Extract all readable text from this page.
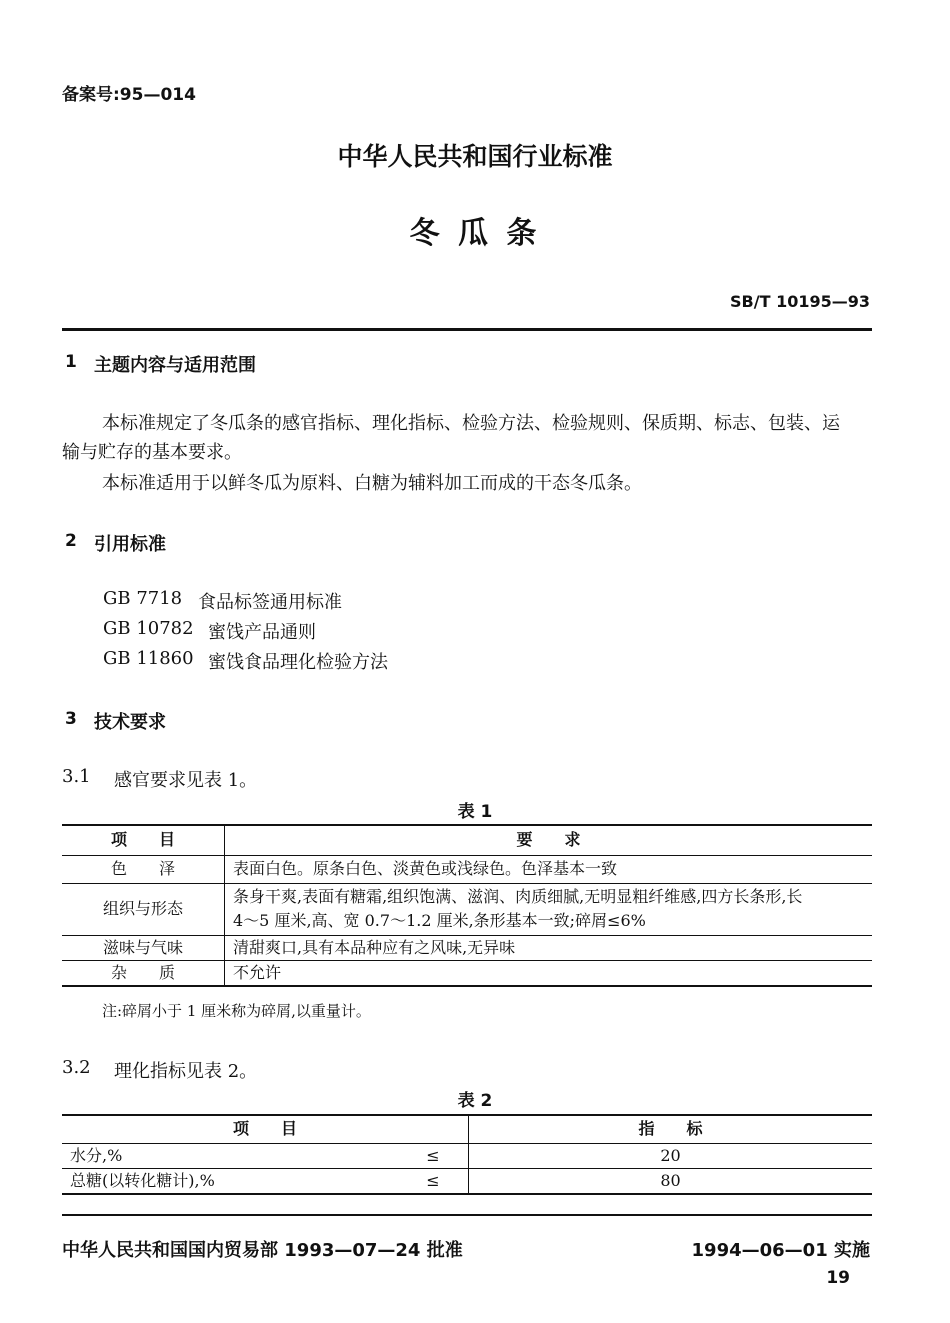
备案号:95—014
中华人民共和国行业标准
冬 瓜 条
SB/T 10195—93
1 主题内容与适用范围
本标准规定了冬瓜条的感官指标、理化指标、检验方法、检验规则、保质期、标志、包装、运
输与贮存的基本要求。
本标准适用于以鲜冬瓜为原料、白糖为辅料加工而成的干态冬瓜条。
2 引用标准
GB 7718 食品标签通用标准
GB 10782 蜜饯产品通则
GB 11860 蜜饯食品理化检验方法
3 技术要求
3.1 感官要求见表 1。
表 1
项　　目	要　　求
色　　泽	表面白色。原条白色、淡黄色或浅绿色。色泽基本一致
组织与形态	条身干爽,表面有糖霜,组织饱满、滋润、肉质细腻,无明显粗纤维感,四方长条形,长
4～5 厘米,高、宽 0.7～1.2 厘米,条形基本一致;碎屑≤6%

滋味与气味	清甜爽口,具有本品种应有之风味,无异味
杂　　质	不允许
注:碎屑小于 1 厘米称为碎屑,以重量计。
3.2 理化指标见表 2。
表 2
项　　目		指　　标
水分,%	≤	20
总糖(以转化糖计),%	≤	80
中华人民共和国国内贸易部 1993—07—24 批准	1994—06—01 实施
19
